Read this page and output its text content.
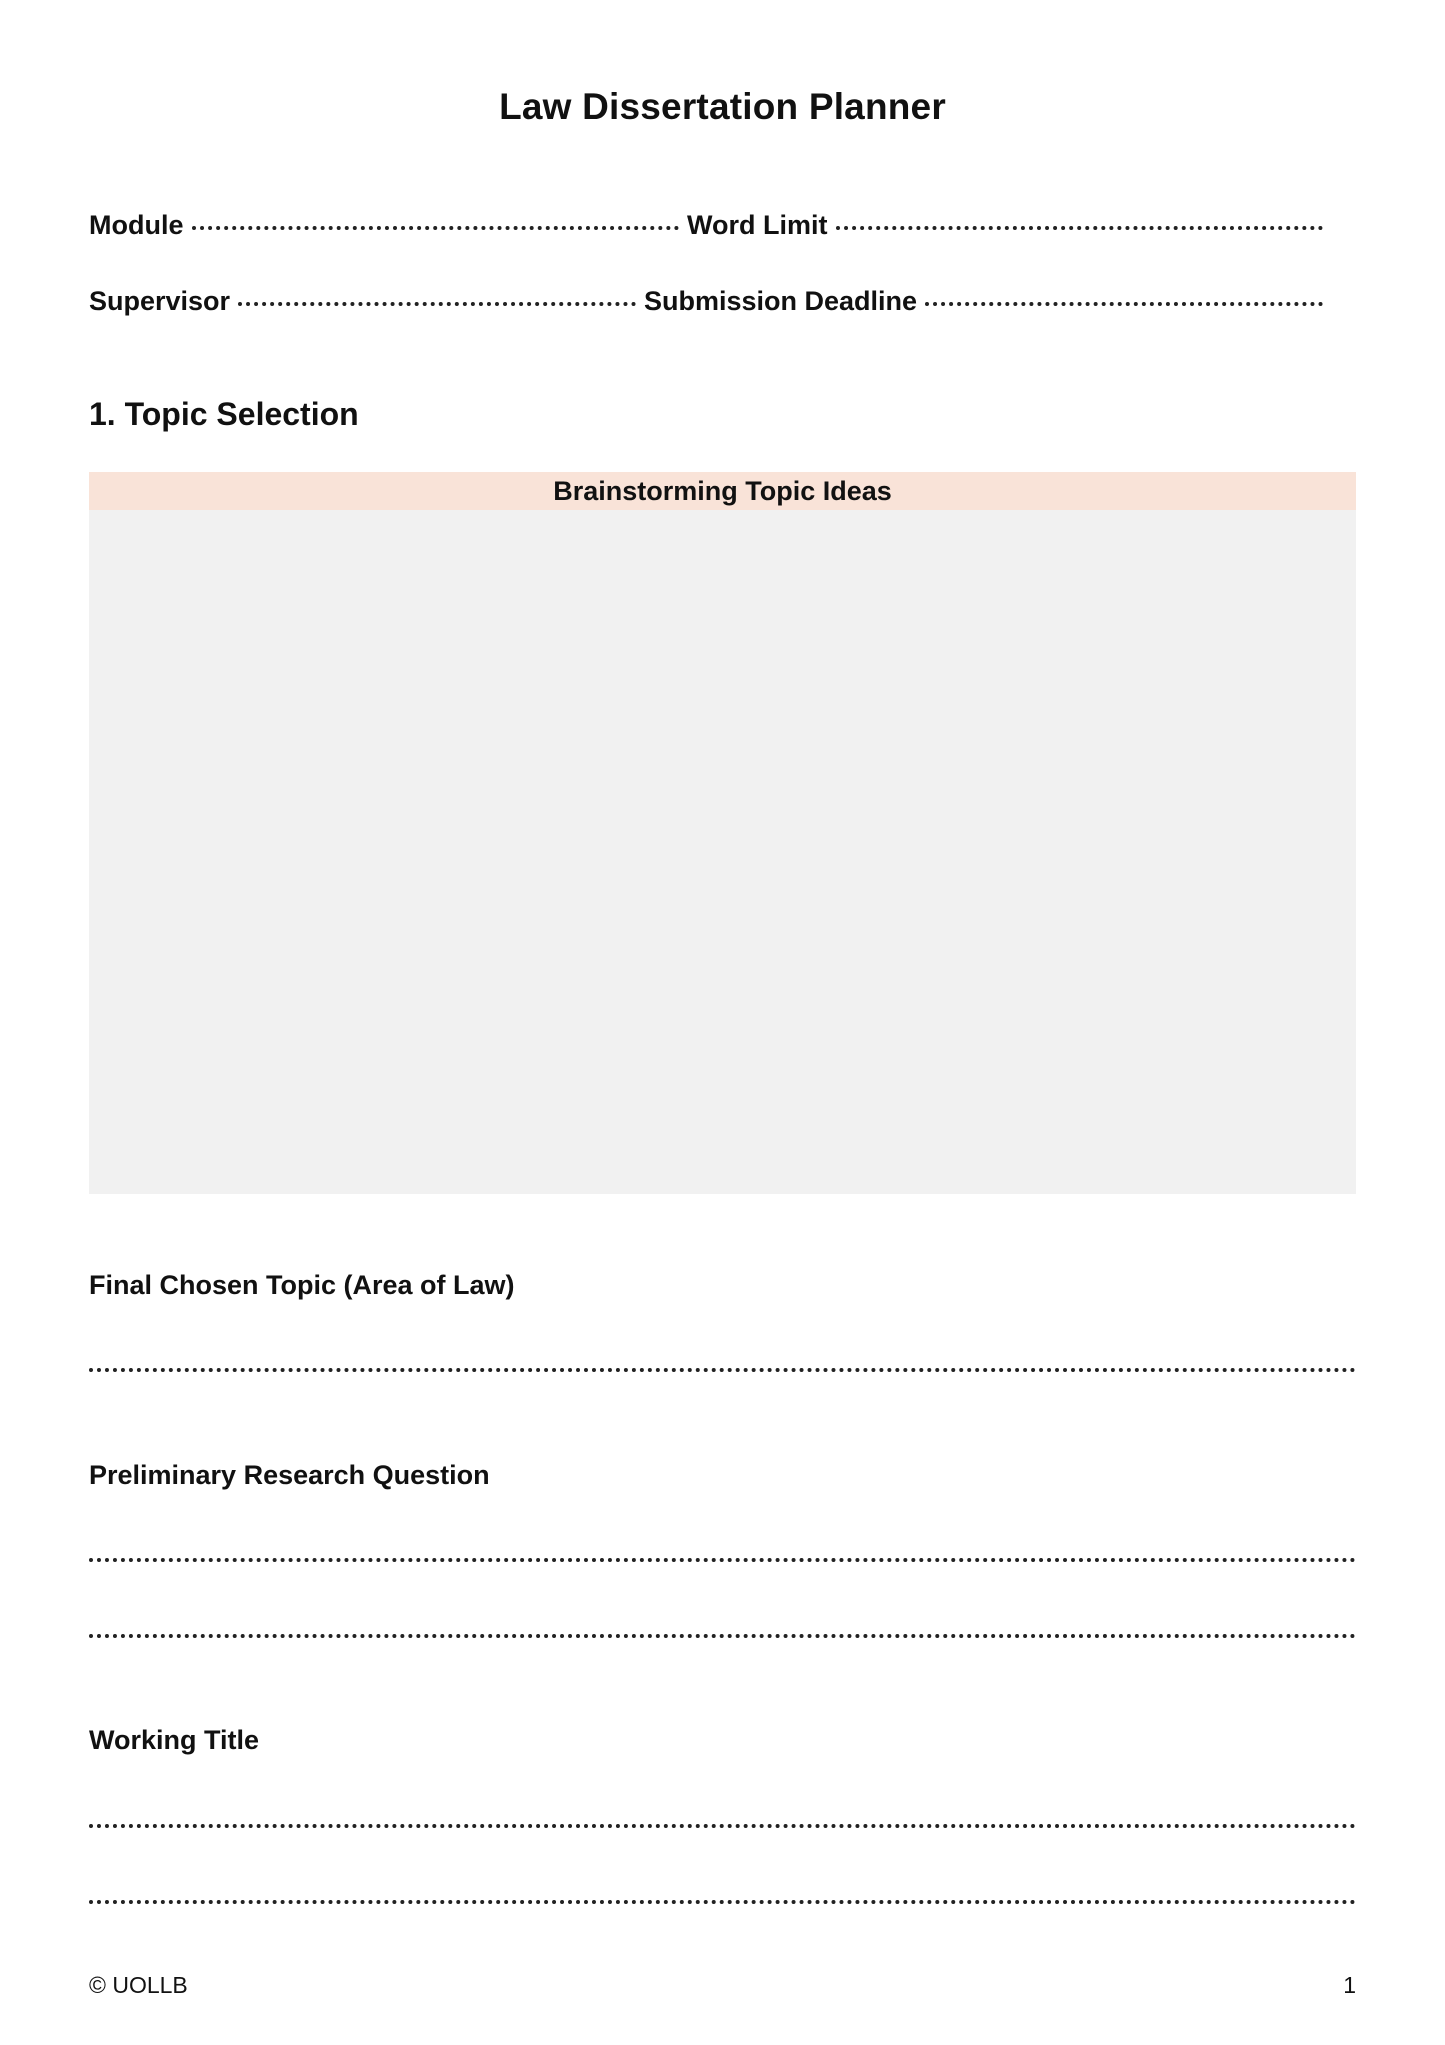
Law Dissertation Planner
Module	Word Limit
Supervisor	Submission Deadline
1. Topic Selection
Brainstorming Topic Ideas
Final Chosen Topic (Area of Law)
Preliminary Research Question
Working Title
© UOLLB	1
